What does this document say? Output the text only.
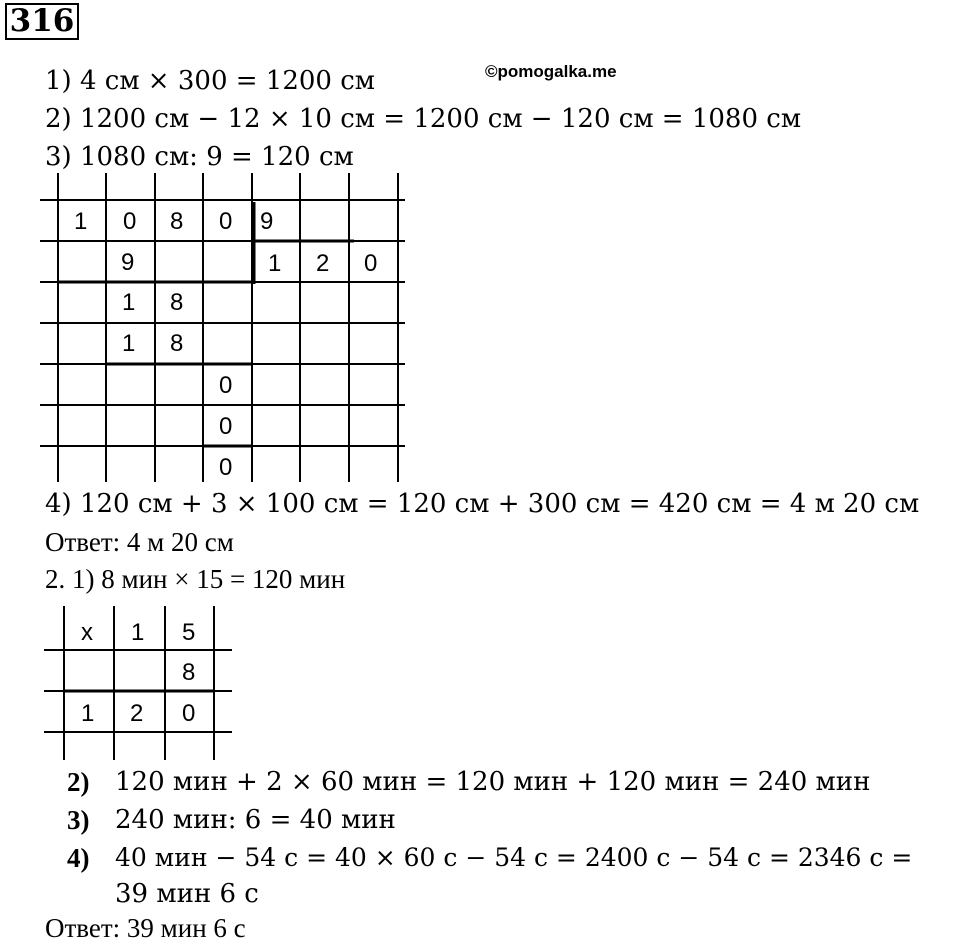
316
©pomogalka.me
1) 4 см × 300 = 1200 см
2) 1200 см − 12 × 10 см = 1200 см − 120 см = 1080 см
3) 1080 см: 9 = 120 см
1 0 8 0 9
9	1 2 0
1 8
1 8
0
0
0
4) 120 см + 3 × 100 см = 120 см + 300 см = 420 см = 4 м 20 см
Ответ: 4 м 20 см
2. 1) 8 мин × 15 = 120 мин
x 1 5
8
1 2 0
2) 120 мин + 2 × 60 мин = 120 мин + 120 мин = 240 мин
3) 240 мин: 6 = 40 мин
4)	40 мин − 54 с = 40 × 60 с − 54 с = 2400 с − 54 с = 2346 с =
39 мин 6 с
Ответ: 39 мин 6 с
